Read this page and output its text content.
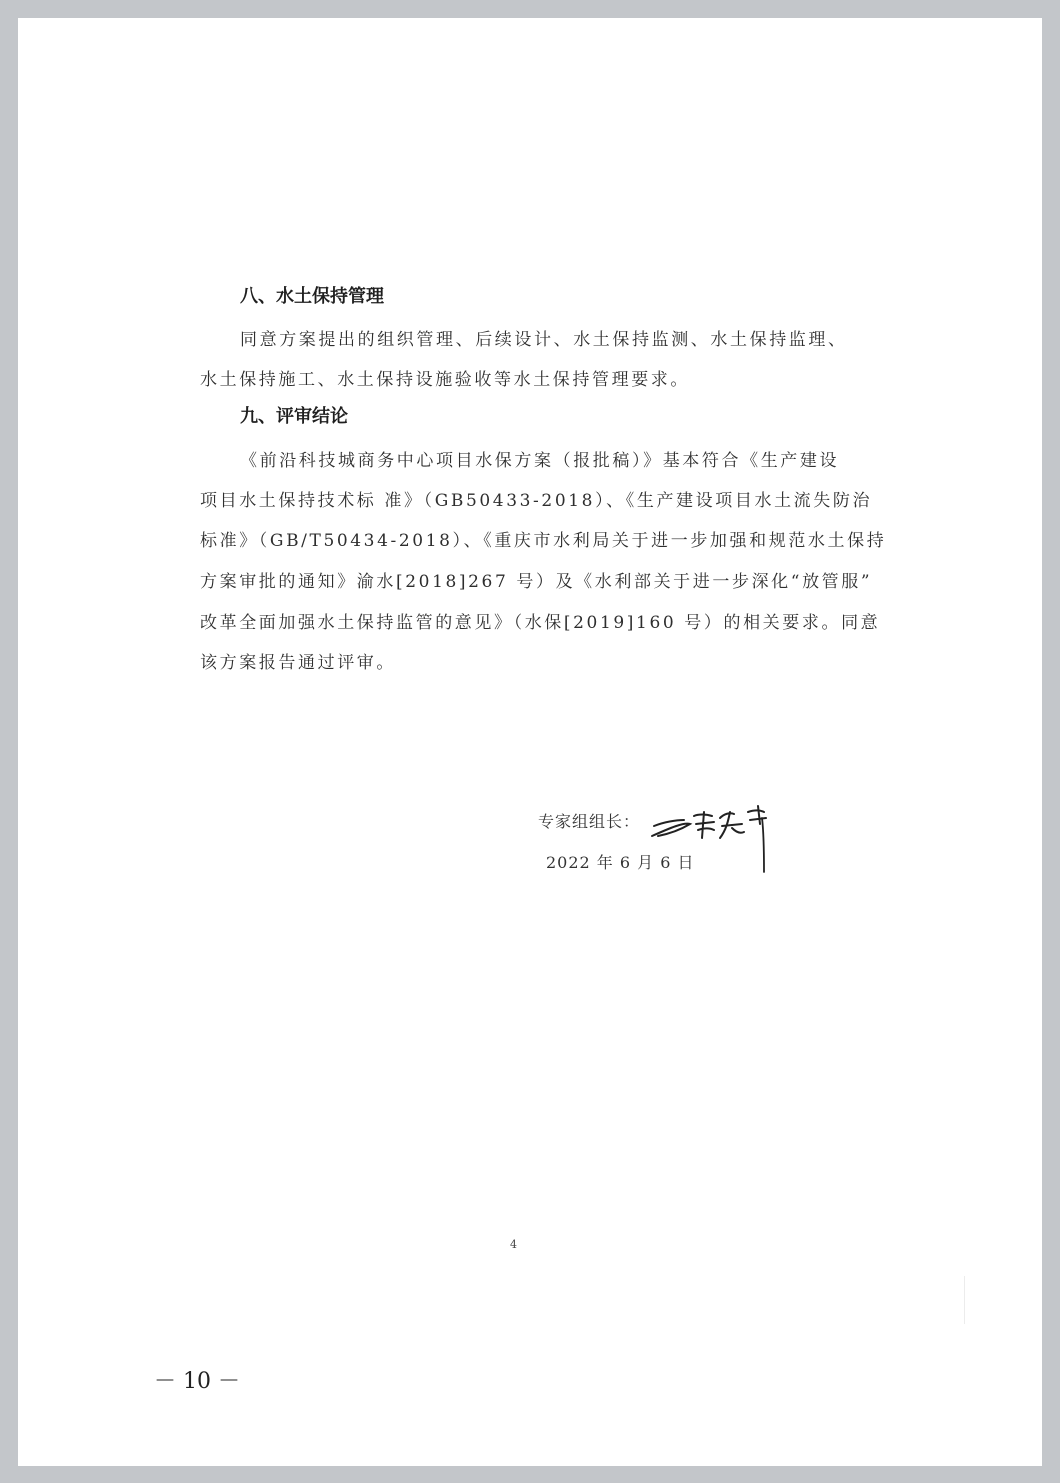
八、水土保持管理
同意方案提出的组织管理、后续设计、水土保持监测、水土保持监理、
水土保持施工、水土保持设施验收等水土保持管理要求。
九、评审结论
《前沿科技城商务中心项目水保方案（报批稿）》基本符合《生产建设
项目水土保持技术标 准》（GB50433-2018）、《生产建设项目水土流失防治
标准》（GB/T50434-2018）、《重庆市水利局关于进一步加强和规范水土保持
方案审批的通知》渝水[2018]267 号）及《水利部关于进一步深化“放管服”
改革全面加强水土保持监管的意见》（水保[2019]160 号）的相关要求。同意
该方案报告通过评审。
专家组组长：
2022 年 6 月 6 日
4
－ 10 －
